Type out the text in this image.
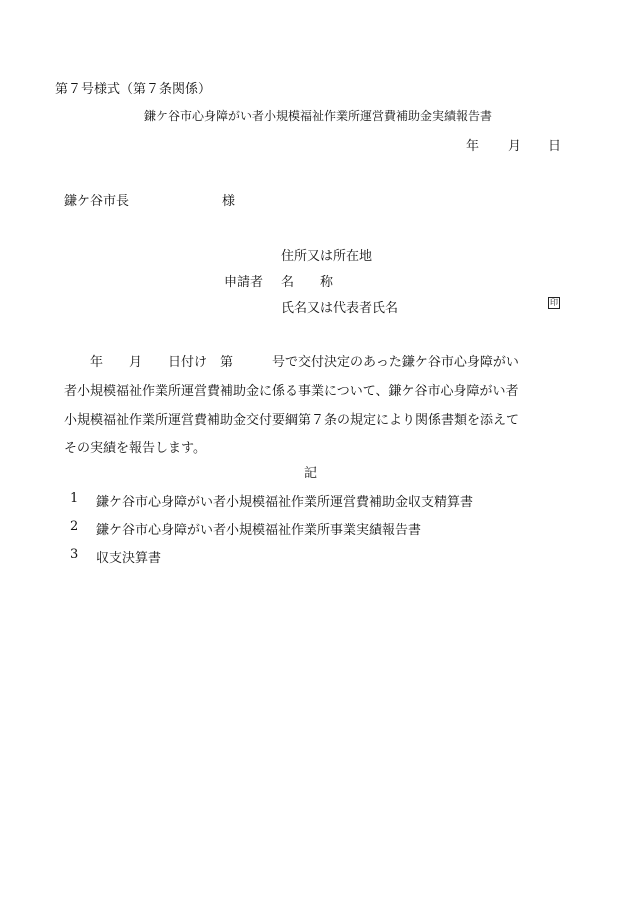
第７号様式（第７条関係）
鎌ケ谷市心身障がい者小規模福祉作業所運営費補助金実績報告書
年 月 日
鎌ケ谷市長	様
住所又は所在地
申請者 名　　称
氏名又は代表者氏名	印
　　年　　月　　日付け　第　　　号で交付決定のあった鎌ケ谷市心身障がい
者小規模福祉作業所運営費補助金に係る事業について、鎌ケ谷市心身障がい者
小規模福祉作業所運営費補助金交付要綱第７条の規定により関係書類を添えて
その実績を報告します。
記
1 鎌ケ谷市心身障がい者小規模福祉作業所運営費補助金収支精算書
2 鎌ケ谷市心身障がい者小規模福祉作業所事業実績報告書
3 収支決算書
